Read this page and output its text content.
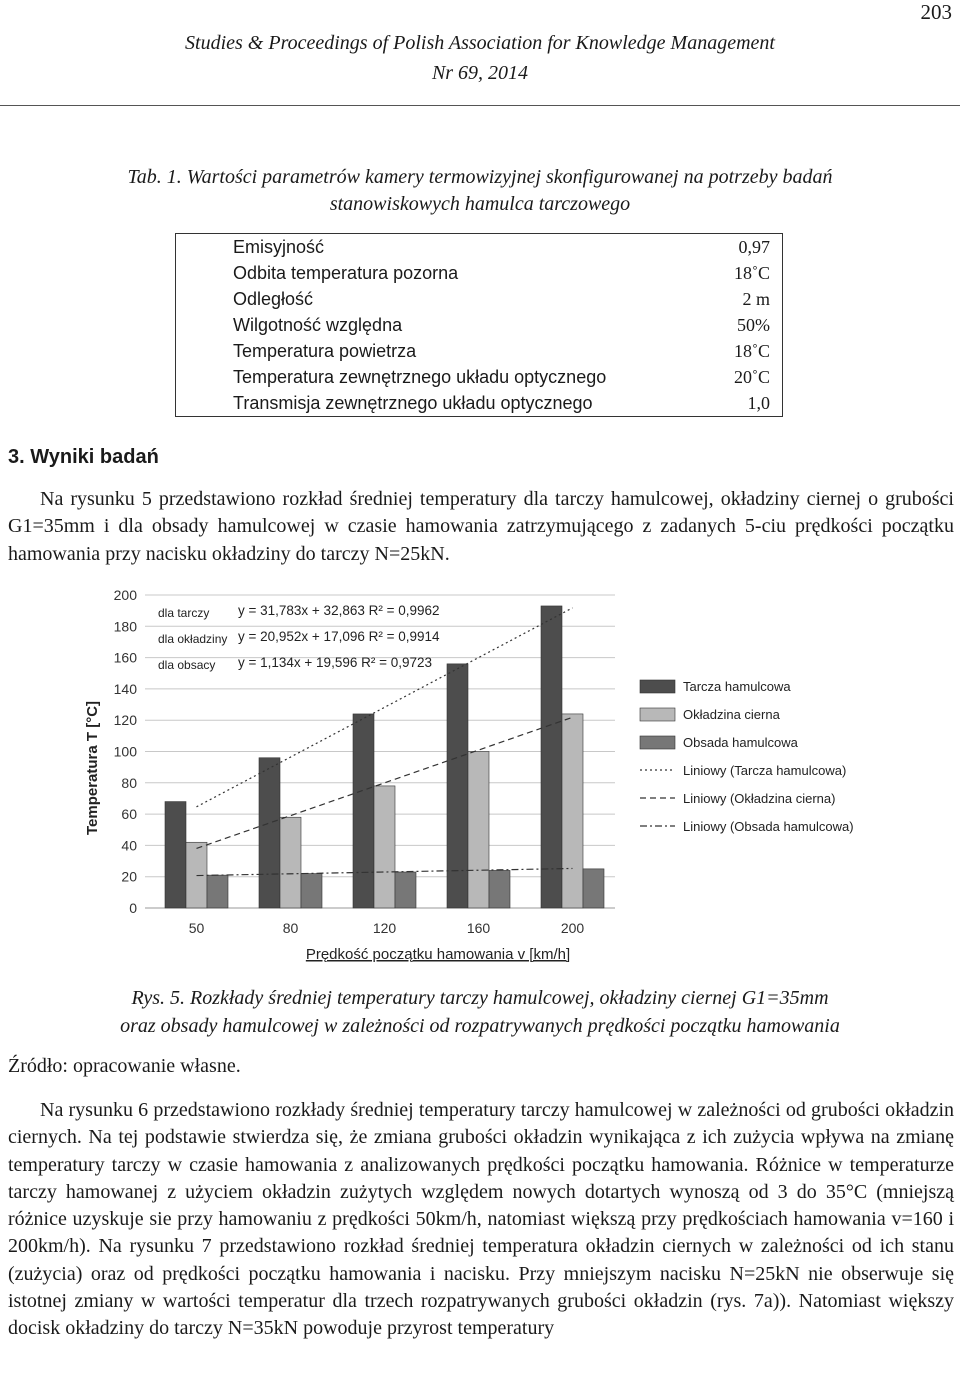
203
Studies & Proceedings of Polish Association for Knowledge Management
Nr 69, 2014
Tab. 1. Wartości parametrów kamery termowizyjnej skonfigurowanej na potrzeby badań
stanowiskowych hamulca tarczowego
Emisyjność	0,97
Odbita temperatura pozorna	18˚C
Odległość	2 m
Wilgotność względna	50%
Temperatura powietrza	18˚C
Temperatura zewnętrznego układu optycznego	20˚C
Transmisja zewnętrznego układu optycznego	1,0
3. Wyniki badań
Na rysunku 5 przedstawiono rozkład średniej temperatury dla tarczy hamulcowej, okładziny ciernej o grubości G1=35mm i dla obsady hamulcowej w czasie hamowania zatrzymującego z zadanych 5-ciu prędkości początku hamowania przy nacisku okładziny do tarczy N=25kN.
0
20
40
60
80
100
120
140
160
180
200
50	80	120	160	200
dla tarczy y = 31,783x + 32,863 R² = 0,9962
dla okładziny y = 20,952x + 17,096 R² = 0,9914
dla obsacy y = 1,134x + 19,596 R² = 0,9723
Tarcza hamulcowa
Okładzina cierna
Obsada hamulcowa
Liniowy (Tarcza hamulcowa)
Liniowy (Okładzina cierna)
Liniowy (Obsada hamulcowa)
Temperatura T [°C]
Prędkość początku hamowania v [km/h]
Rys. 5. Rozkłady średniej temperatury tarczy hamulcowej, okładziny ciernej G1=35mm
oraz obsady hamulcowej w zależności od rozpatrywanych prędkości początku hamowania
Źródło: opracowanie własne.
Na rysunku 6 przedstawiono rozkłady średniej temperatury tarczy hamulcowej w zależności od grubości okładzin ciernych. Na tej podstawie stwierdza się, że zmiana grubości okładzin wynikająca z ich zużycia wpływa na zmianę temperatury tarczy w czasie hamowania z analizowanych prędkości początku hamowania. Różnice w temperaturze tarczy hamowanej z użyciem okładzin zużytych względem nowych dotartych wynoszą od 3 do 35°C (mniejszą różnice uzyskuje sie przy hamowaniu z prędkości 50km/h, natomiast większą przy prędkościach hamowania v=160 i 200km/h). Na rysunku 7 przedstawiono rozkład średniej temperatura okładzin ciernych w zależności od ich stanu (zużycia) oraz od prędkości początku hamowania i nacisku. Przy mniejszym nacisku N=25kN nie obserwuje się istotnej zmiany w wartości temperatur dla trzech rozpatrywanych grubości okładzin (rys. 7a)). Natomiast większy docisk okładziny do tarczy N=35kN powoduje przyrost temperatury
